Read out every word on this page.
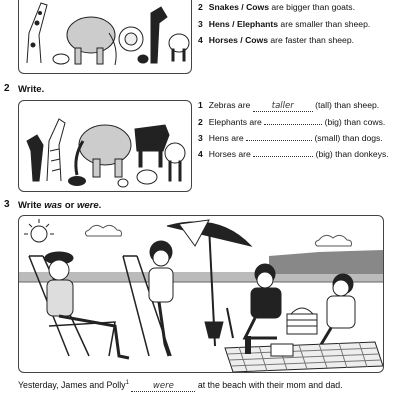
2 Snakes / Cows are bigger than goats.
3 Hens / Elephants are smaller than sheep.
4 Horses / Cows are faster than sheep.
2 Write.
1 Zebras are	taller (tall) than sheep.
2 Elephants are	(big) than cows.
3 Hens are	(small) than dogs.
4 Horses are	(big) than donkeys.
3 Write was or were.
Yesterday, James and Polly$^1$	were	at the beach with their mom and dad.
